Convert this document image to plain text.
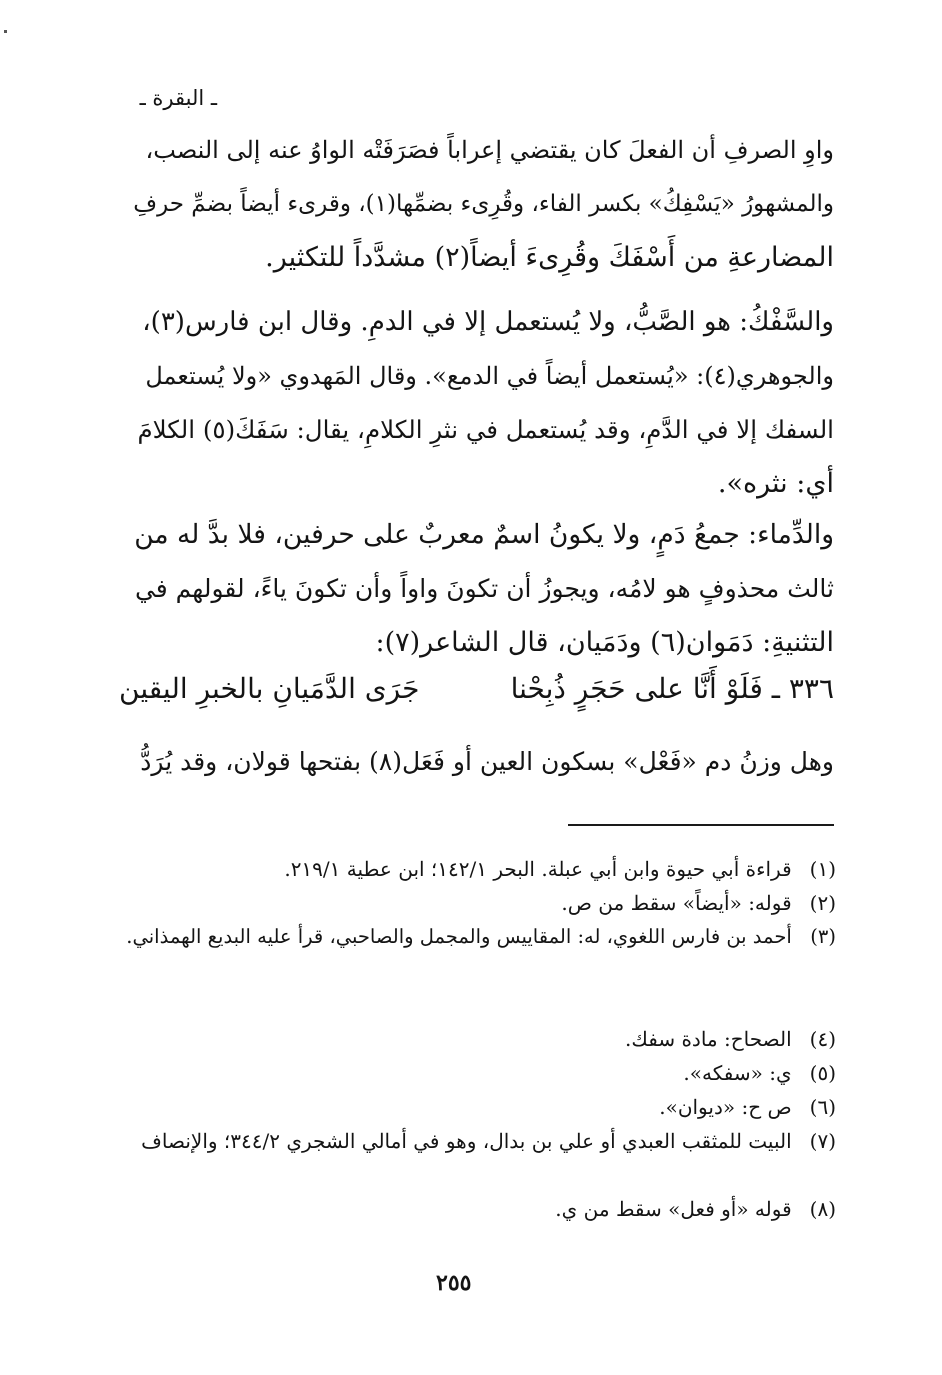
ـ البقرة ـ
واوِ الصرفِ أن الفعلَ كان يقتضي إعراباً فصَرَفَتْه الواوُ عنه إلى النصب،
والمشهورُ «يَسْفِكُ» بكسر الفاء، وقُرِىء بضمِّها(١)، وقرىء أيضاً بضمِّ حرفِ
المضارعةِ من أَسْفَكَ وقُرِىءَ أيضاً(٢) مشدَّداً للتكثير.
والسَّفْكُ: هو الصَّبُّ، ولا يُستعمل إلا في الدمِ. وقال ابن فارس(٣)،
والجوهري(٤): «يُستعمل أيضاً في الدمع». وقال المَهدوي «ولا يُستعمل
السفك إلا في الدَّمِ، وقد يُستعمل في نثرِ الكلامِ، يقال: سَفَكَ(٥) الكلامَ
أي: نثره».
والدِّماء: جمعُ دَمٍ، ولا يكونُ اسمٌ معربٌ على حرفين، فلا بدَّ له من
ثالث محذوفٍ هو لامُه، ويجوزُ أن تكونَ واواً وأن تكونَ ياءً، لقولهم في
التثنيةِ: دَمَوان(٦) ودَمَيان، قال الشاعر(٧):
٣٣٦ ـ فَلَوْ أَنَّا على حَجَرٍ ذُبِحْنا
جَرَى الدَّمَيانِ بالخبرِ اليقين
وهل وزنُ دم «فَعْل» بسكون العين أو فَعَل(٨) بفتحها قولان، وقد يُرَدُّ
(١) قراءة أبي حيوة وابن أبي عبلة. البحر ١٤٢/١؛ ابن عطية ٢١٩/١.
(٢) قوله: «أيضاً» سقط من ص.
(٣) أحمد بن فارس اللغوي، له: المقاييس والمجمل والصاحبي، قرأ عليه البديع الهمذاني.
(٤) الصحاح: مادة سفك.
(٥) ي: «سفكه».
(٦) ص ح: «ديوان».
(٧) البيت للمثقب العبدي أو علي بن بدال، وهو في أمالي الشجري ٣٤٤/٢؛ والإنصاف
(٨) قوله «أو فعل» سقط من ي.
٢٥٥
